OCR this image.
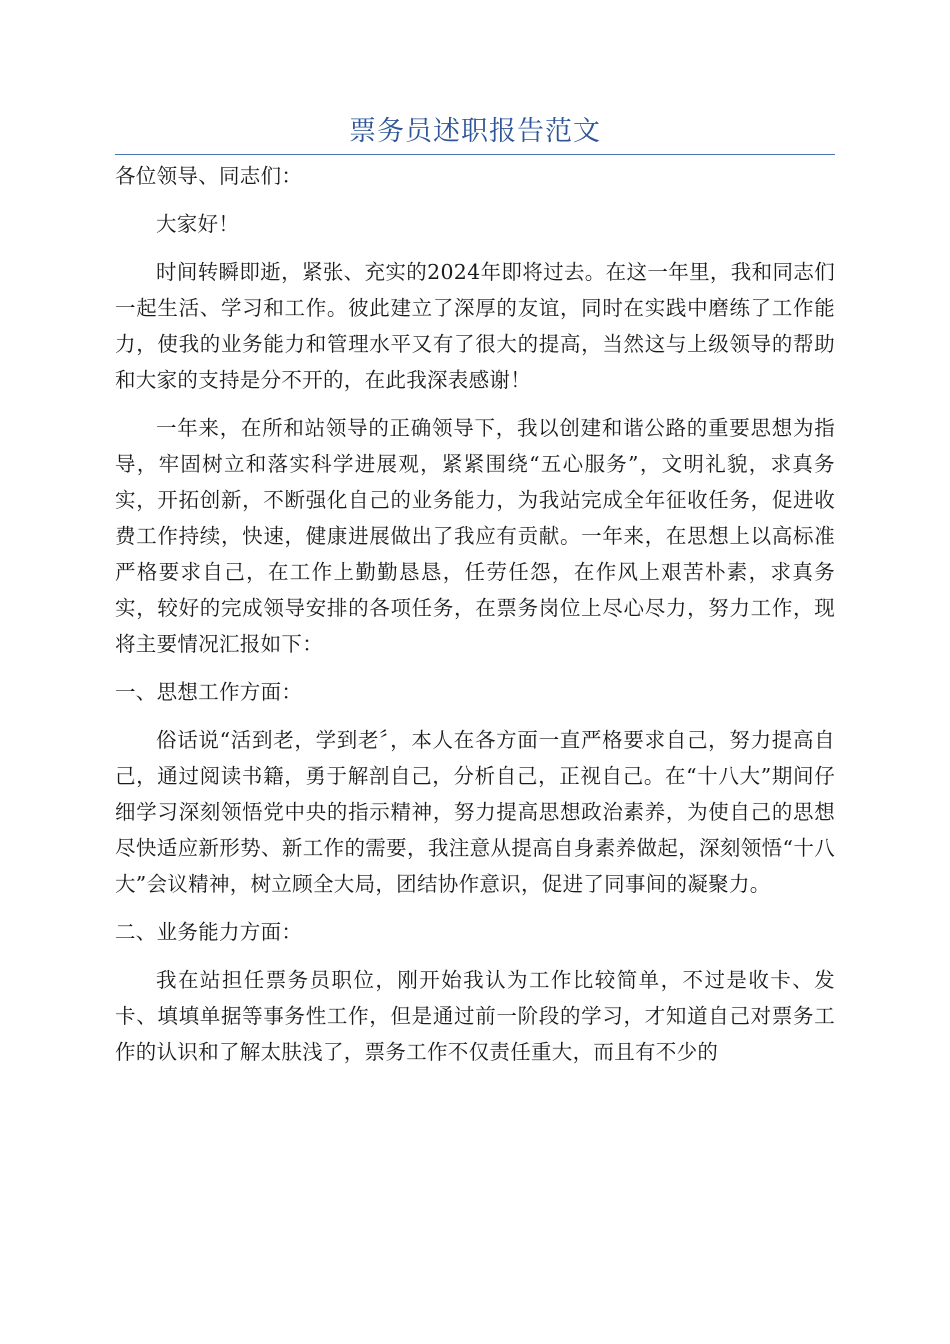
票务员述职报告范文

各位领导、同志们：

大家好！

时间转瞬即逝，紧张、充实的2024年即将过去。在这一年里，我和同志们一起生活、学习和工作。彼此建立了深厚的友谊，同时在实践中磨练了工作能力，使我的业务能力和管理水平又有了很大的提高，当然这与上级领导的帮助和大家的支持是分不开的，在此我深表感谢！

一年来，在所和站领导的正确领导下，我以创建和谐公路的重要思想为指导，牢固树立和落实科学进展观，紧紧围绕“五心服务”，文明礼貌，求真务实，开拓创新，不断强化自己的业务能力，为我站完成全年征收任务，促进收费工作持续，快速，健康进展做出了我应有贡献。一年来，在思想上以高标准严格要求自己，在工作上勤勤恳恳，任劳任怨，在作风上艰苦朴素，求真务实，较好的完成领导安排的各项任务，在票务岗位上尽心尽力，努力工作，现将主要情况汇报如下：

一、思想工作方面：

俗话说“活到老，学到老〞，本人在各方面一直严格要求自己，努力提高自己，通过阅读书籍，勇于解剖自己，分析自己，正视自己。在“十八大”期间仔细学习深刻领悟党中央的指示精神，努力提高思想政治素养，为使自己的思想尽快适应新形势、新工作的需要，我注意从提高自身素养做起，深刻领悟“十八大”会议精神，树立顾全大局，团结协作意识，促进了同事间的凝聚力。

二、业务能力方面：

我在站担任票务员职位，刚开始我认为工作比较简单，不过是收卡、发卡、填填单据等事务性工作，但是通过前一阶段的学习，才知道自己对票务工作的认识和了解太肤浅了，票务工作不仅责任重大，而且有不少的
